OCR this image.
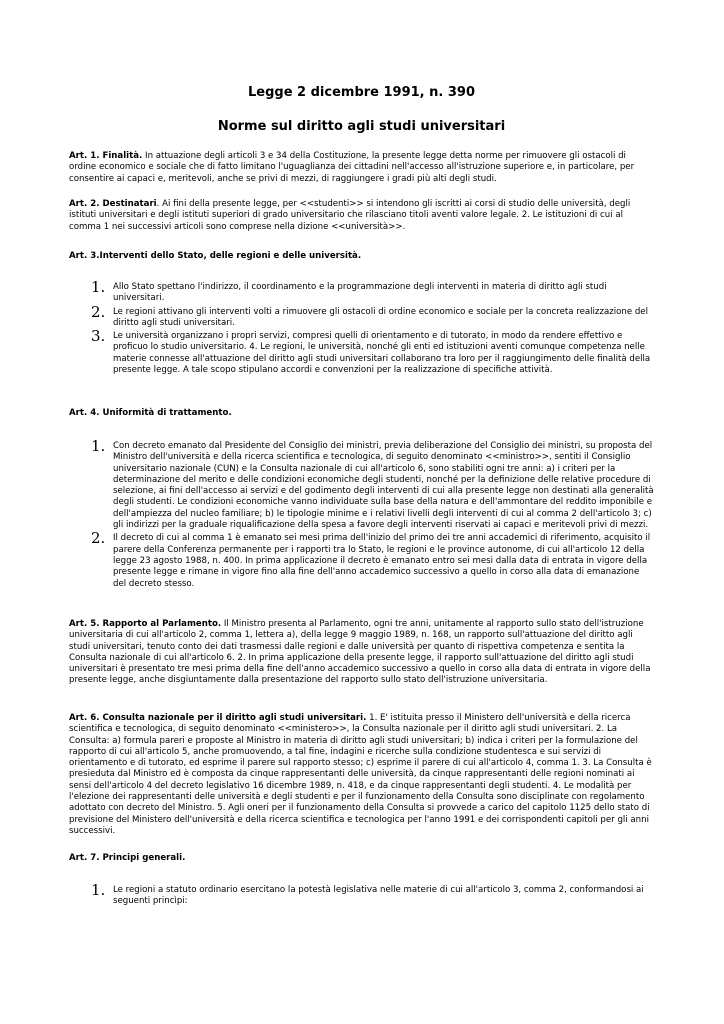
Legge 2 dicembre 1991, n. 390
Norme sul diritto agli studi universitari

Art. 1. Finalità. In attuazione degli articoli 3 e 34 della Costituzione, la presente legge detta norme per rimuovere gli ostacoli di ordine economico e sociale che di fatto limitano l'uguaglianza dei cittadini nell'accesso all'istruzione superiore e, in particolare, per consentire ai capaci e, meritevoli, anche se privi di mezzi, di raggiungere i gradi più alti degli studi.

Art. 2. Destinatari. Ai fini della presente legge, per <<studenti>> si intendono gli iscritti ai corsi di studio delle università, degli istituti universitari e degli istituti superiori di grado universitario che rilasciano titoli aventi valore legale. 2. Le istituzioni di cui al comma 1 nei successivi articoli sono comprese nella dizione <<università>>.

Art. 3.Interventi dello Stato, delle regioni e delle università.

1. Allo Stato spettano l'indirizzo, il coordinamento e la programmazione degli interventi in materia di diritto agli studi universitari.
2. Le regioni attivano gli interventi volti a rimuovere gli ostacoli di ordine economico e sociale per la concreta realizzazione del diritto agli studi universitari.
3. Le università organizzano i propri servizi, compresi quelli di orientamento e di tutorato, in modo da rendere effettivo e proficuo lo studio universitario. 4. Le regioni, le università, nonché gli enti ed istituzioni aventi comunque competenza nelle materie connesse all'attuazione del diritto agli studi universitari collaborano tra loro per il raggiungimento delle finalità della presente legge. A tale scopo stipulano accordi e convenzioni per la realizzazione di specifiche attività.

Art. 4. Uniformità di trattamento.

1. Con decreto emanato dal Presidente del Consiglio dei ministri, previa deliberazione del Consiglio dei ministri, su proposta del Ministro dell'università e della ricerca scientifica e tecnologica, di seguito denominato <<ministro>>, sentiti il Consiglio universitario nazionale (CUN) e la Consulta nazionale di cui all'articolo 6, sono stabiliti ogni tre anni: a) i criteri per la determinazione del merito e delle condizioni economiche degli studenti, nonché per la definizione delle relative procedure di selezione, ai fini dell'accesso ai servizi e del godimento degli interventi di cui alla presente legge non destinati alla generalità degli studenti. Le condizioni economiche vanno individuate sulla base della natura e dell'ammontare del reddito imponibile e dell'ampiezza del nucleo familiare; b) le tipologie minime e i relativi livelli degli interventi di cui al comma 2 dell'articolo 3; c) gli indirizzi per la graduale riqualificazione della spesa a favore degli interventi riservati ai capaci e meritevoli privi di mezzi.
2. Il decreto di cui al comma 1 è emanato sei mesi prima dell'inizio del primo dei tre anni accademici di riferimento, acquisito il parere della Conferenza permanente per i rapporti tra lo Stato, le regioni e le province autonome, di cui all'articolo 12 della legge 23 agosto 1988, n. 400. In prima applicazione il decreto è emanato entro sei mesi dalla data di entrata in vigore della presente legge e rimane in vigore fino alla fine dell'anno accademico successivo a quello in corso alla data di emanazione del decreto stesso.

Art. 5. Rapporto al Parlamento. Il Ministro presenta al Parlamento, ogni tre anni, unitamente al rapporto sullo stato dell'istruzione universitaria di cui all'articolo 2, comma 1, lettera a), della legge 9 maggio 1989, n. 168, un rapporto sull'attuazione del diritto agli studi universitari, tenuto conto dei dati trasmessi dalle regioni e dalle università per quanto di rispettiva competenza e sentita la Consulta nazionale di cui all'articolo 6. 2. In prima applicazione della presente legge, il rapporto sull'attuazione del diritto agli studi universitari è presentato tre mesi prima della fine dell'anno accademico successivo a quello in corso alla data di entrata in vigore della presente legge, anche disgiuntamente dalla presentazione del rapporto sullo stato dell'istruzione universitaria.

Art. 6. Consulta nazionale per il diritto agli studi universitari. 1. E' istituita presso il Ministero dell'università e della ricerca scientifica e tecnologica, di seguito denominato <<ministero>>, la Consulta nazionale per il diritto agli studi universitari. 2. La Consulta: a) formula pareri e proposte al Ministro in materia di diritto agli studi universitari; b) indica i criteri per la formulazione del rapporto di cui all'articolo 5, anche promuovendo, a tal fine, indagini e ricerche sulla condizione studentesca e sui servizi di orientamento e di tutorato, ed esprime il parere sul rapporto stesso; c) esprime il parere di cui all'articolo 4, comma 1. 3. La Consulta è presieduta dal Ministro ed è composta da cinque rappresentanti delle università, da cinque rappresentanti delle regioni nominati ai sensi dell'articolo 4 del decreto legislativo 16 dicembre 1989, n. 418, e da cinque rappresentanti degli studenti. 4. Le modalità per l'elezione dei rappresentanti delle università e degli studenti e per il funzionamento della Consulta sono disciplinate con regolamento adottato con decreto del Ministro. 5. Agli oneri per il funzionamento della Consulta si provvede a carico del capitolo 1125 dello stato di previsione del Ministero dell'università e della ricerca scientifica e tecnologica per l'anno 1991 e dei corrispondenti capitoli per gli anni successivi.

Art. 7. Principi generali.

1. Le regioni a statuto ordinario esercitano la potestà legislativa nelle materie di cui all'articolo 3, comma 2, conformandosi ai seguenti princìpi:
